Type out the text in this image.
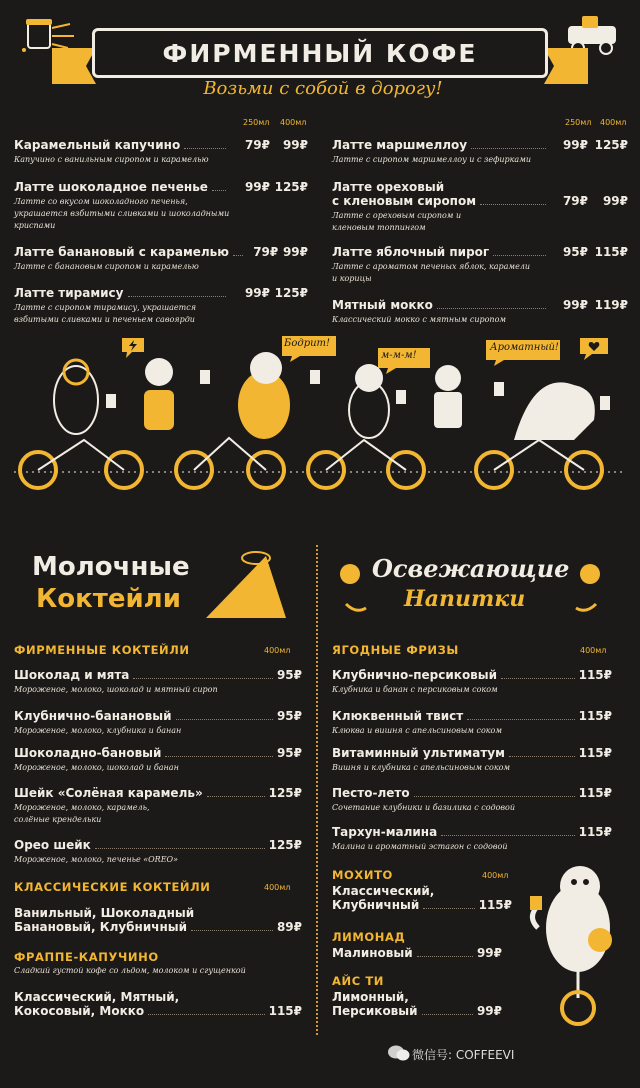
ФИРМЕННЫЙ КОФЕ
Возьми с собой в дорогу!
250мл 400мл	250мл 400мл
Карамельный капучино	79₽	99₽
Капучино с ванильным сиропом и карамелью
Латте шоколадное печенье	99₽ 125₽
Латте со вкусом шоколадного печенья, украшается взбитыми сливками и шоколадными криспами
Латте банановый с карамелью	79₽ 99₽
Латте с банановым сиропом и карамелью
Латте тирамису	99₽ 125₽
Латте с сиропом тирамису, украшается взбитыми сливками и печеньем савоярди
Латте маршмеллоу	99₽ 125₽
Латте с сиропом маршмеллоу и с зефирками
Латте ореховый
с кленовым сиропом	79₽	99₽
Латте с ореховым сиропом и кленовым топпингом
Латте яблочный пирог	95₽ 115₽
Латте с ароматом печеных яблок, карамели и корицы
Мятный мокко	99₽ 119₽
Классический мокко с мятным сиропом
Бодрит!
м-м-м!
Ароматный!
Молочные
Коктейли
Освежающие
Напитки
ФИРМЕННЫЕ КОКТЕЙЛИ	400мл
Шоколад и мята	95₽
Мороженое, молоко, шоколад и мятный сироп
Клубнично-банановый	95₽
Мороженое, молоко, клубника и банан
Шоколадно-бановый	95₽
Мороженое, молоко, шоколад и банан
Шейк «Солёная карамель»	125₽
Мороженое, молоко, карамель, солёные крендельки
Орео шейк	125₽
Мороженое, молоко, печенье «OREO»
КЛАССИЧЕСКИЕ КОКТЕЙЛИ	400мл
Ванильный, Шоколадный
Банановый, Клубничный	89₽
ФРАППЕ-КАПУЧИНО
Сладкий густой кофе со льдом, молоком и сгущенкой
Классический, Мятный,
Кокосовый, Мокко	115₽
ЯГОДНЫЕ ФРИЗЫ	400мл
Клубнично-персиковый	115₽
Клубника и банан с персиковым соком
Клюквенный твист	115₽
Клюква и вишня с апельсиновым соком
Витаминный ультиматум	115₽
Вишня и клубника с апельсиновым соком
Песто-лето	115₽
Сочетание клубники и базилика с содовой
Тархун-малина	115₽
Малина и ароматный эстагон с содовой
МОХИТО	400мл
Классический,
Клубничный	115₽
ЛИМОНАД
Малиновый	99₽
АЙС ТИ
Лимонный,
Персиковый	99₽
微信号: COFFEEVI
